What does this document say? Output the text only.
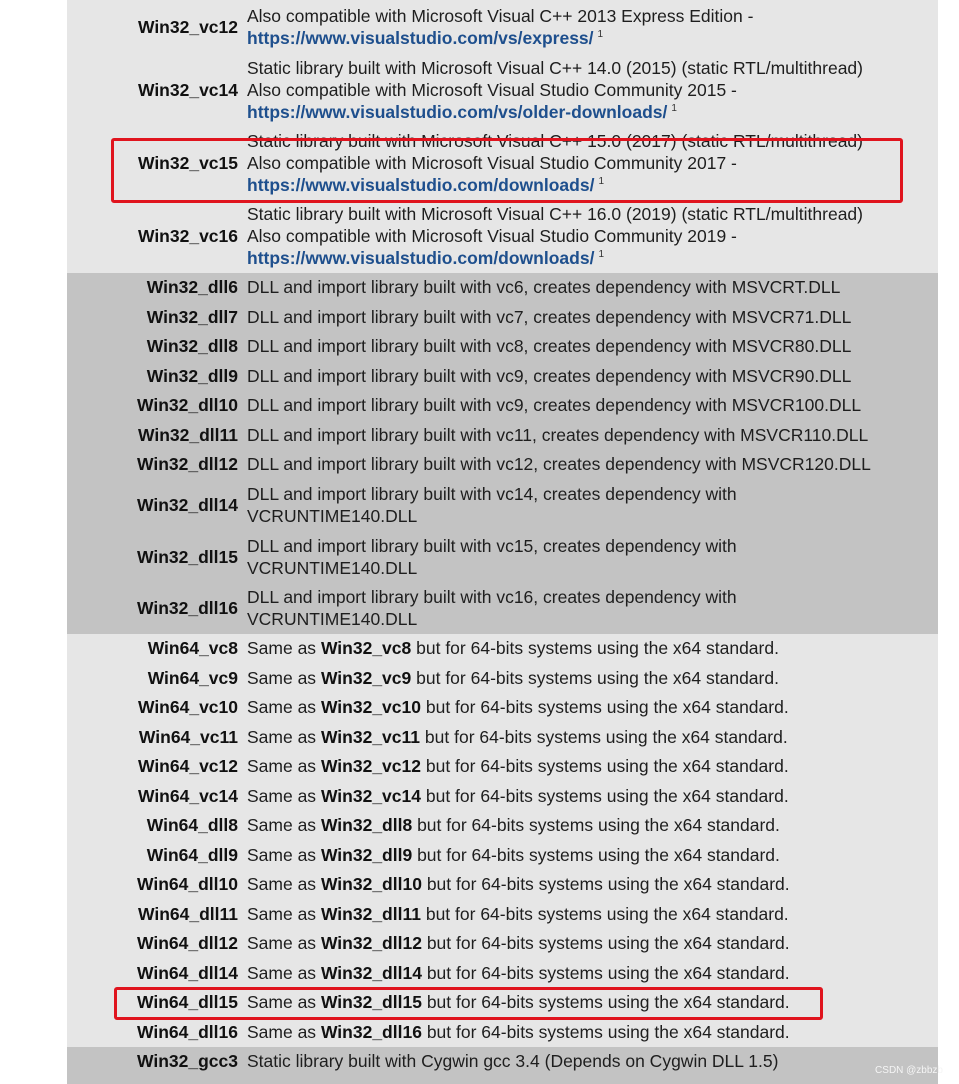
Win32_vc12
Also compatible with Microsoft Visual C++ 2013 Express Edition -
https://www.visualstudio.com/vs/express/ $^1$
Win32_vc14
Static library built with Microsoft Visual C++ 14.0 (2015) (static RTL/multithread)
Also compatible with Microsoft Visual Studio Community 2015 -
https://www.visualstudio.com/vs/older-downloads/ $^1$
Win32_vc15
Static library built with Microsoft Visual C++ 15.0 (2017) (static RTL/multithread)
Also compatible with Microsoft Visual Studio Community 2017 -
https://www.visualstudio.com/downloads/ $^1$
Win32_vc16
Static library built with Microsoft Visual C++ 16.0 (2019) (static RTL/multithread)
Also compatible with Microsoft Visual Studio Community 2019 -
https://www.visualstudio.com/downloads/ $^1$
Win32_dll6 DLL and import library built with vc6, creates dependency with MSVCRT.DLL
Win32_dll7 DLL and import library built with vc7, creates dependency with MSVCR71.DLL
Win32_dll8 DLL and import library built with vc8, creates dependency with MSVCR80.DLL
Win32_dll9 DLL and import library built with vc9, creates dependency with MSVCR90.DLL
Win32_dll10 DLL and import library built with vc9, creates dependency with MSVCR100.DLL
Win32_dll11 DLL and import library built with vc11, creates dependency with MSVCR110.DLL
Win32_dll12 DLL and import library built with vc12, creates dependency with MSVCR120.DLL
Win32_dll14
DLL and import library built with vc14, creates dependency with
VCRUNTIME140.DLL
Win32_dll15
DLL and import library built with vc15, creates dependency with
VCRUNTIME140.DLL
Win32_dll16
DLL and import library built with vc16, creates dependency with
VCRUNTIME140.DLL
Win64_vc8 Same as Win32_vc8 but for 64-bits systems using the x64 standard.
Win64_vc9 Same as Win32_vc9 but for 64-bits systems using the x64 standard.
Win64_vc10 Same as Win32_vc10 but for 64-bits systems using the x64 standard.
Win64_vc11 Same as Win32_vc11 but for 64-bits systems using the x64 standard.
Win64_vc12 Same as Win32_vc12 but for 64-bits systems using the x64 standard.
Win64_vc14 Same as Win32_vc14 but for 64-bits systems using the x64 standard.
Win64_dll8 Same as Win32_dll8 but for 64-bits systems using the x64 standard.
Win64_dll9 Same as Win32_dll9 but for 64-bits systems using the x64 standard.
Win64_dll10 Same as Win32_dll10 but for 64-bits systems using the x64 standard.
Win64_dll11 Same as Win32_dll11 but for 64-bits systems using the x64 standard.
Win64_dll12 Same as Win32_dll12 but for 64-bits systems using the x64 standard.
Win64_dll14 Same as Win32_dll14 but for 64-bits systems using the x64 standard.
Win64_dll15 Same as Win32_dll15 but for 64-bits systems using the x64 standard.
Win64_dll16 Same as Win32_dll16 but for 64-bits systems using the x64 standard.
Win32_gcc3 Static library built with Cygwin gcc 3.4 (Depends on Cygwin DLL 1.5)	CSDN @zbbzb
